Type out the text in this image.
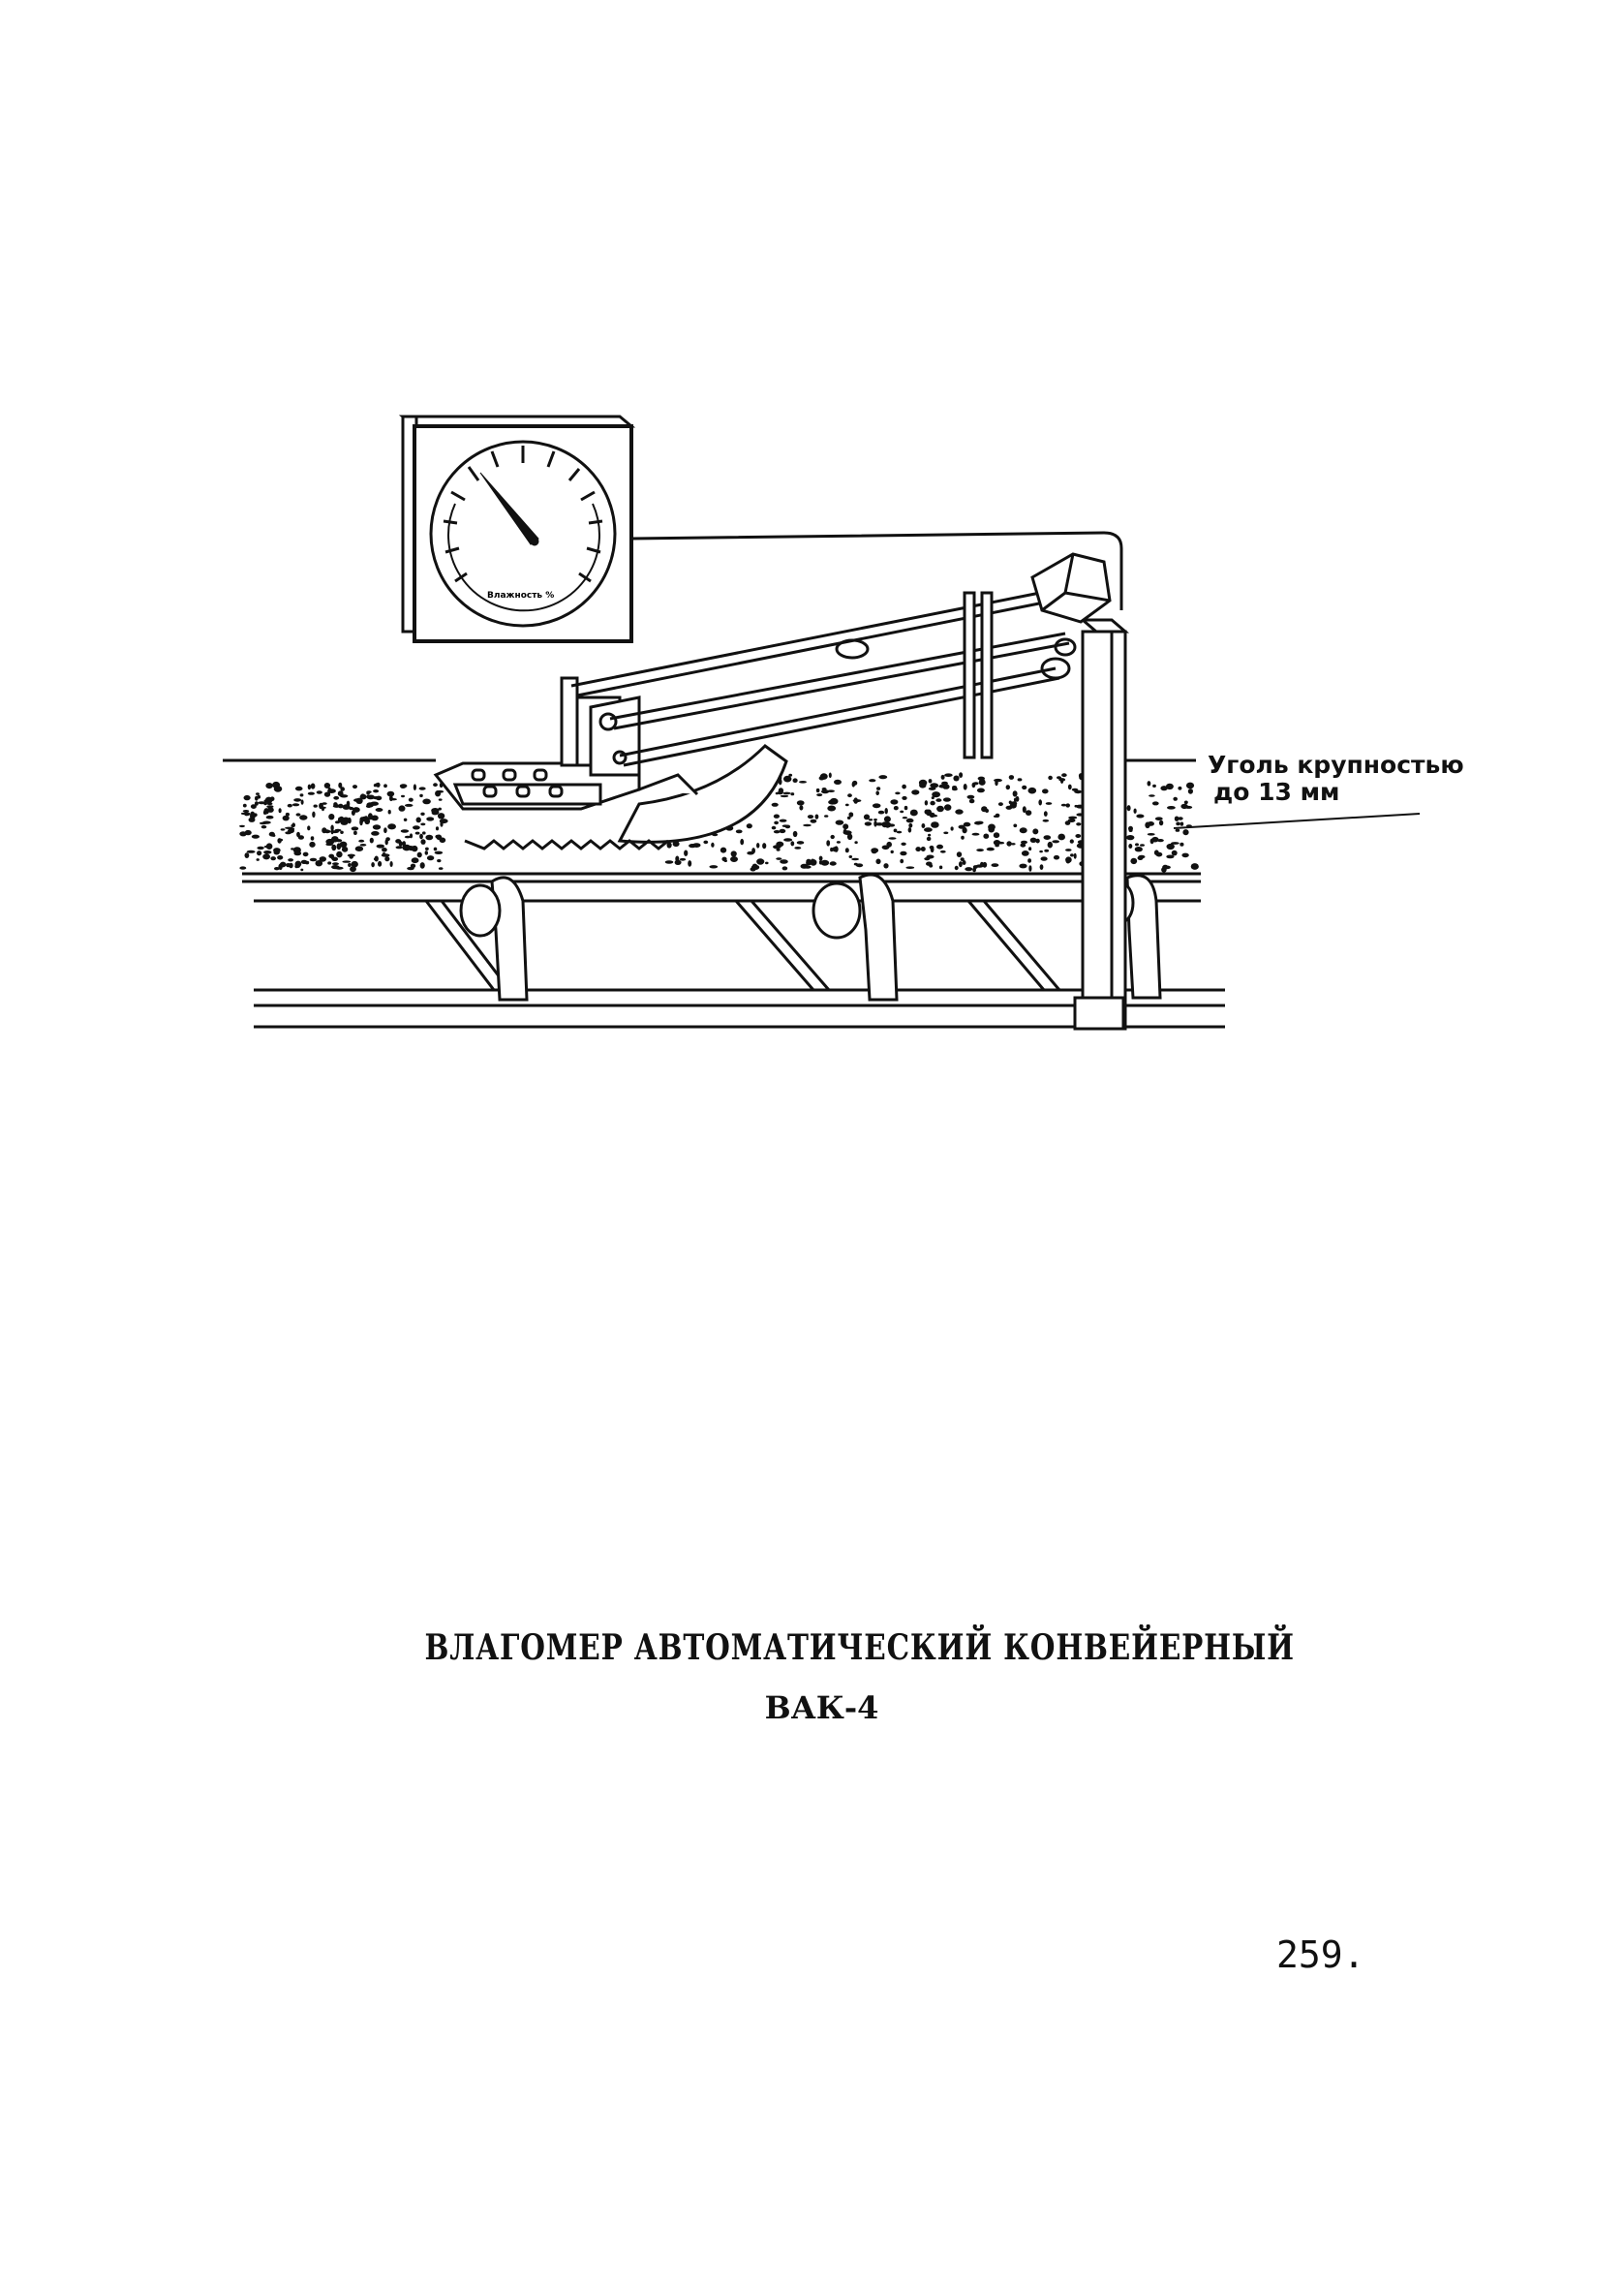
Влажность %
Уголь крупностью
до 13 мм
ВЛАГОМЕР АВТОМАТИЧЕСКИЙ КОНВЕЙЕРНЫЙ
ВАК-4
259.
